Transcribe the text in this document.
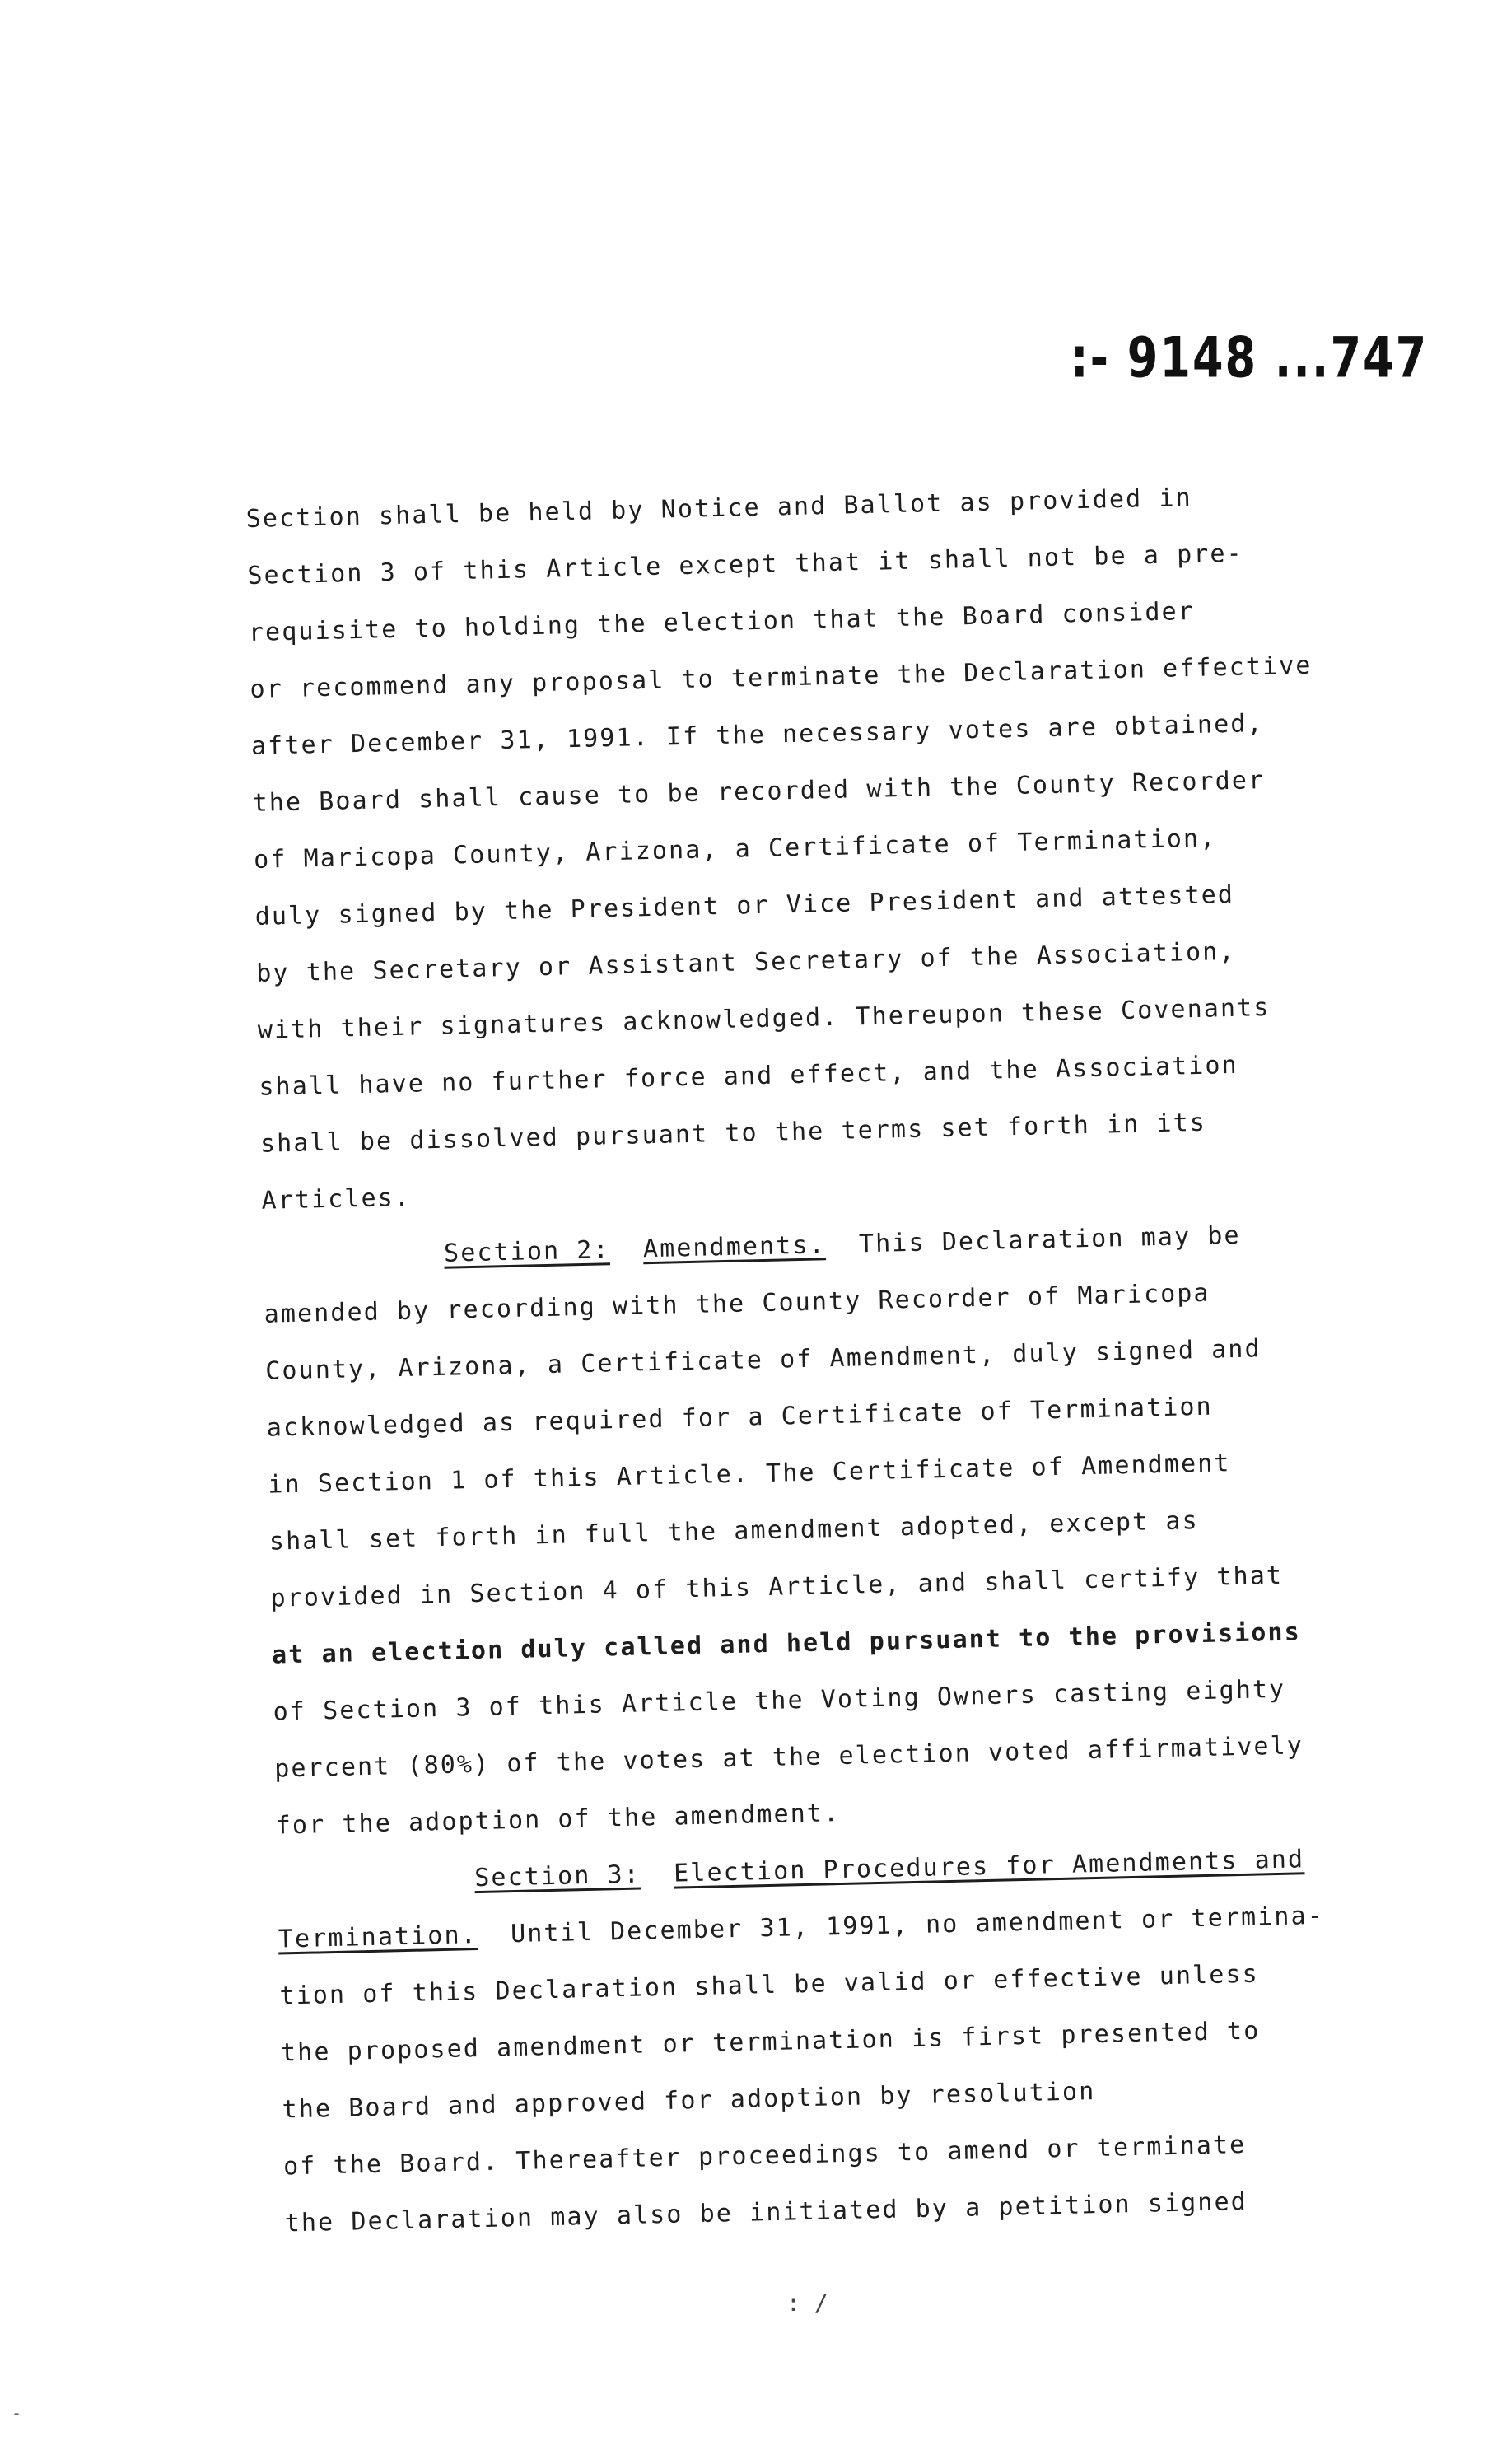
:- 9148 ...747
Section shall be held by Notice and Ballot as provided in
Section 3 of this Article except that it shall not be a pre-
requisite to holding the election that the Board consider
or recommend any proposal to terminate the Declaration effective
after December 31, 1991. If the necessary votes are obtained,
the Board shall cause to be recorded with the County Recorder
of Maricopa County, Arizona, a Certificate of Termination,
duly signed by the President or Vice President and attested
by the Secretary or Assistant Secretary of the Association,
with their signatures acknowledged. Thereupon these Covenants
shall have no further force and effect, and the Association
shall be dissolved pursuant to the terms set forth in its
Articles.
Section 2: Amendments. This Declaration may be
amended by recording with the County Recorder of Maricopa
County, Arizona, a Certificate of Amendment, duly signed and
acknowledged as required for a Certificate of Termination
in Section 1 of this Article. The Certificate of Amendment
shall set forth in full the amendment adopted, except as
provided in Section 4 of this Article, and shall certify that
at an election duly called and held pursuant to the provisions
of Section 3 of this Article the Voting Owners casting eighty
percent (80%) of the votes at the election voted affirmatively
for the adoption of the amendment.
Section 3: Election Procedures for Amendments and
Termination. Until December 31, 1991, no amendment or termina-
tion of this Declaration shall be valid or effective unless
the proposed amendment or termination is first presented to
the Board and approved for adoption by resolution
of the Board. Thereafter proceedings to amend or terminate
the Declaration may also be initiated by a petition signed
: /
-
